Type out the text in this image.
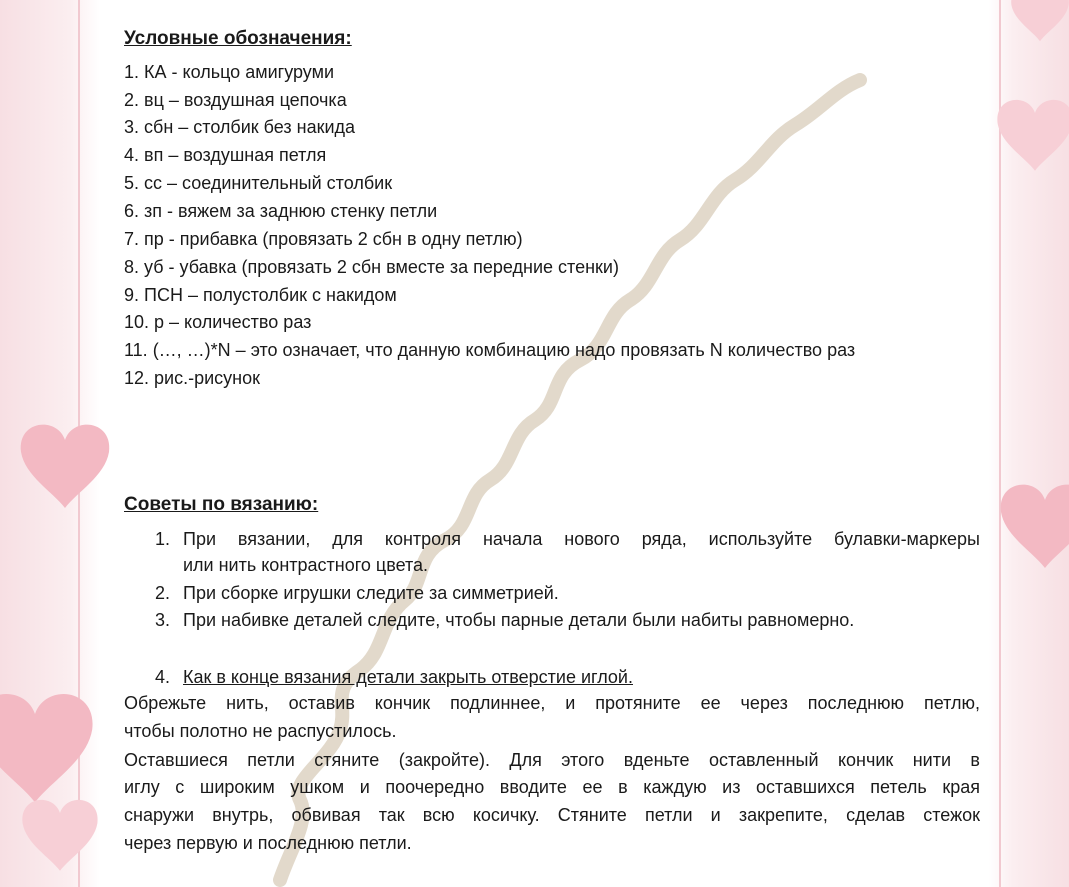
Условные обозначения:
1. КА - кольцо амигуруми
2. вц – воздушная цепочка
3. сбн – столбик без накида
4. вп – воздушная петля
5. сс – соединительный столбик
6. зп - вяжем за заднюю стенку петли
7. пр - прибавка (провязать 2 сбн в одну петлю)
8. уб - убавка (провязать 2 сбн вместе за передние стенки)
9. ПСН – полустолбик с накидом
10. р – количество раз
11. (…, …)*N – это означает, что данную комбинацию надо провязать N количество раз
12. рис.-рисунок
Советы по вязанию:
1. При вязании, для контроля начала нового ряда, используйте булавки-маркеры
или нить контрастного цвета.
2. При сборке игрушки следите за симметрией.
3. При набивке деталей следите, чтобы парные детали были набиты равномерно.
4. Как в конце вязания детали закрыть отверстие иглой.
Обрежьте нить, оставив кончик подлиннее, и протяните ее через последнюю петлю,
чтобы полотно не распустилось.
Оставшиеся петли стяните (закройте). Для этого вденьте оставленный кончик нити в
иглу с широким ушком и поочередно вводите ее в каждую из оставшихся петель края
снаружи внутрь, обвивая так всю косичку. Стяните петли и закрепите, сделав стежок
через первую и последнюю петли.
